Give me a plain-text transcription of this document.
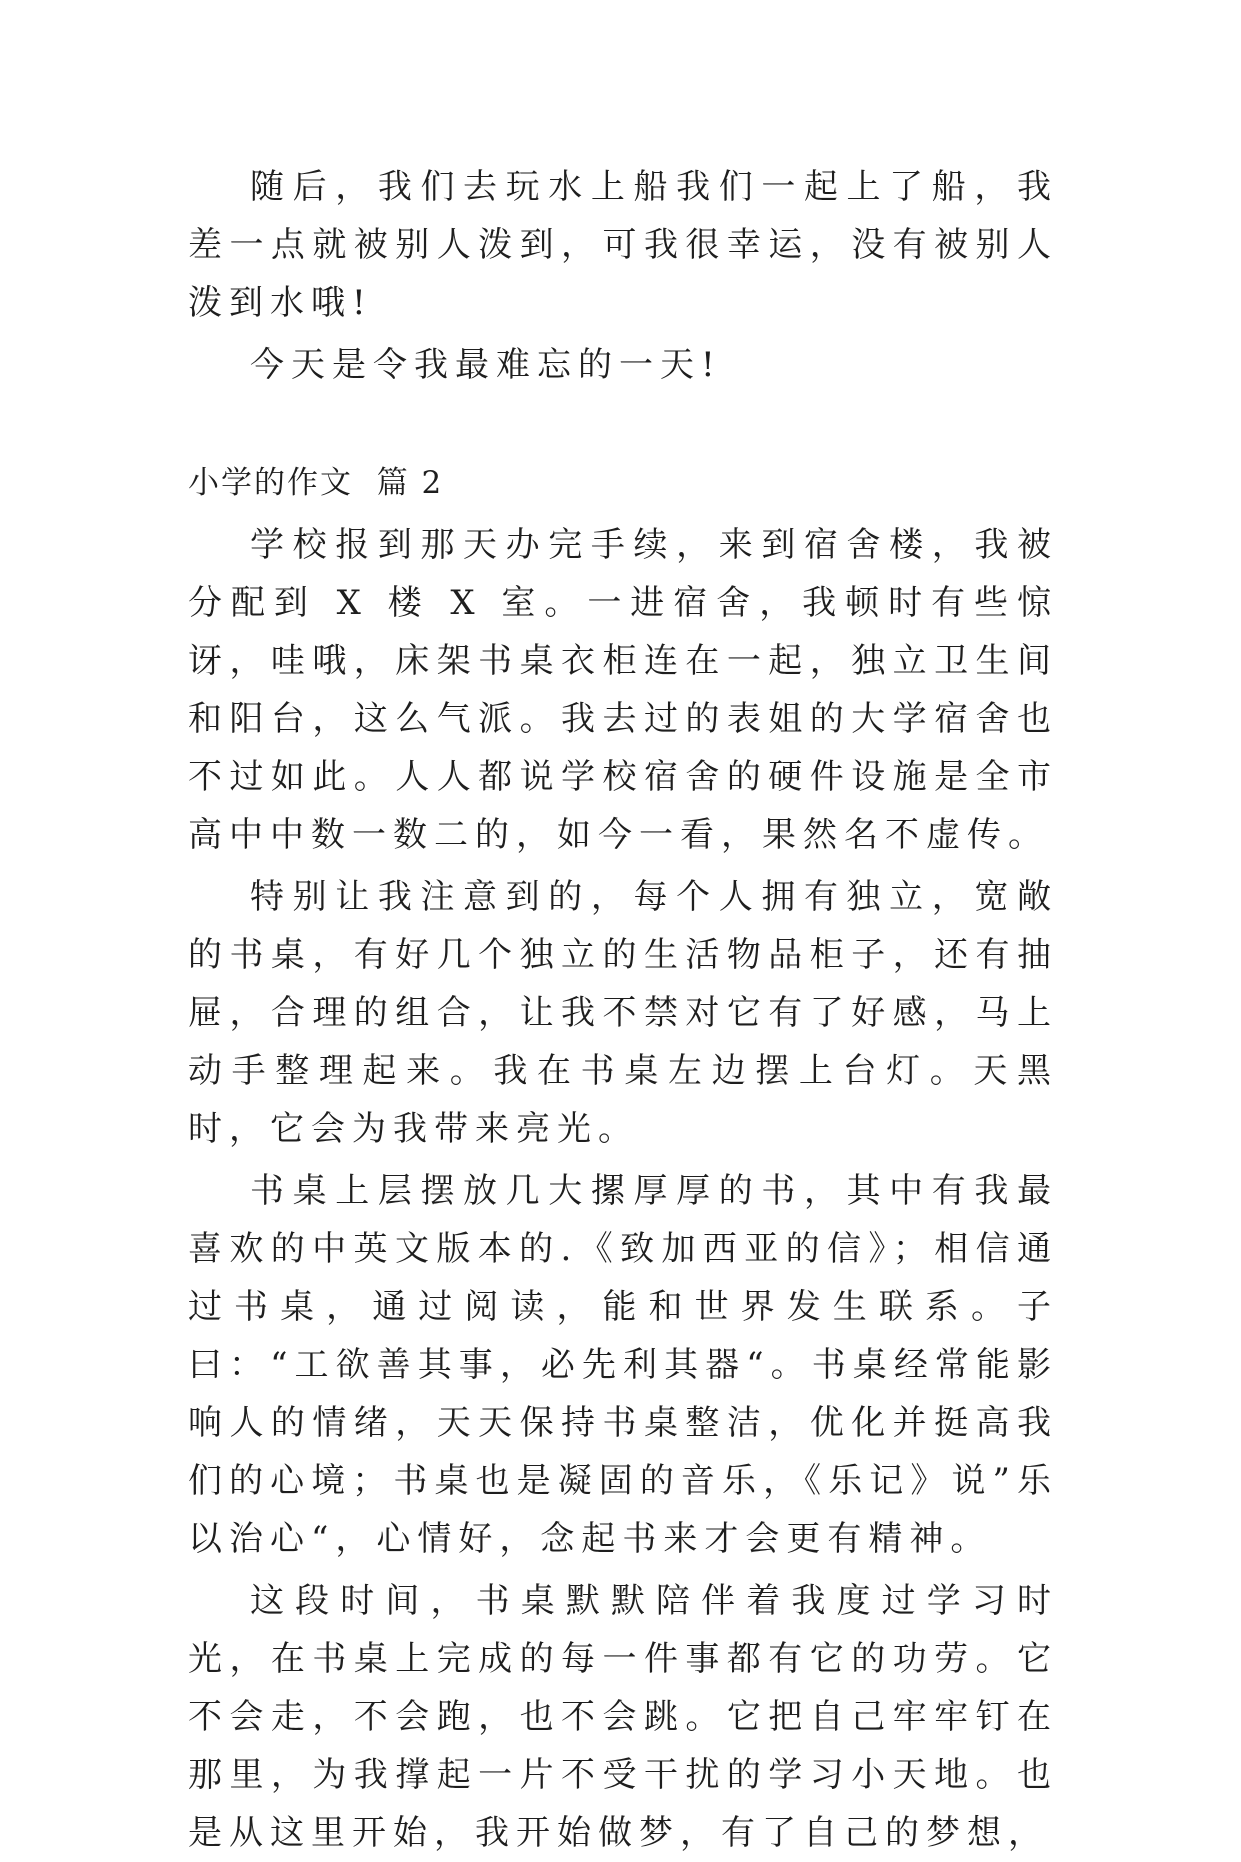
随后，我们去玩水上船我们一起上了船，我差一点就被别人泼到，可我很幸运，没有被别人泼到水哦!

今天是令我最难忘的一天!

小学的作文  篇 2

学校报到那天办完手续，来到宿舍楼，我被分配到 X 楼 X 室。一进宿舍，我顿时有些惊讶，哇哦，床架书桌衣柜连在一起，独立卫生间和阳台，这么气派。我去过的表姐的大学宿舍也不过如此。人人都说学校宿舍的硬件设施是全市高中中数一数二的，如今一看，果然名不虚传。

特别让我注意到的，每个人拥有独立，宽敞的书桌，有好几个独立的生活物品柜子，还有抽屉，合理的组合，让我不禁对它有了好感，马上动手整理起来。我在书桌左边摆上台灯。天黑时，它会为我带来亮光。

书桌上层摆放几大摞厚厚的书，其中有我最喜欢的中英文版本的.《致加西亚的信》；相信通过书桌，通过阅读，能和世界发生联系。子曰：“工欲善其事，必先利其器“。书桌经常能影响人的情绪，天天保持书桌整洁，优化并挺高我们的心境；书桌也是凝固的音乐，《乐记》说”乐以治心“，心情好，念起书来才会更有精神。

这段时间，书桌默默陪伴着我度过学习时光，在书桌上完成的每一件事都有它的功劳。它不会走，不会跑，也不会跳。它把自己牢牢钉在那里，为我撑起一片不受干扰的学习小天地。也是从这里开始，我开始做梦，有了自己的梦想，
